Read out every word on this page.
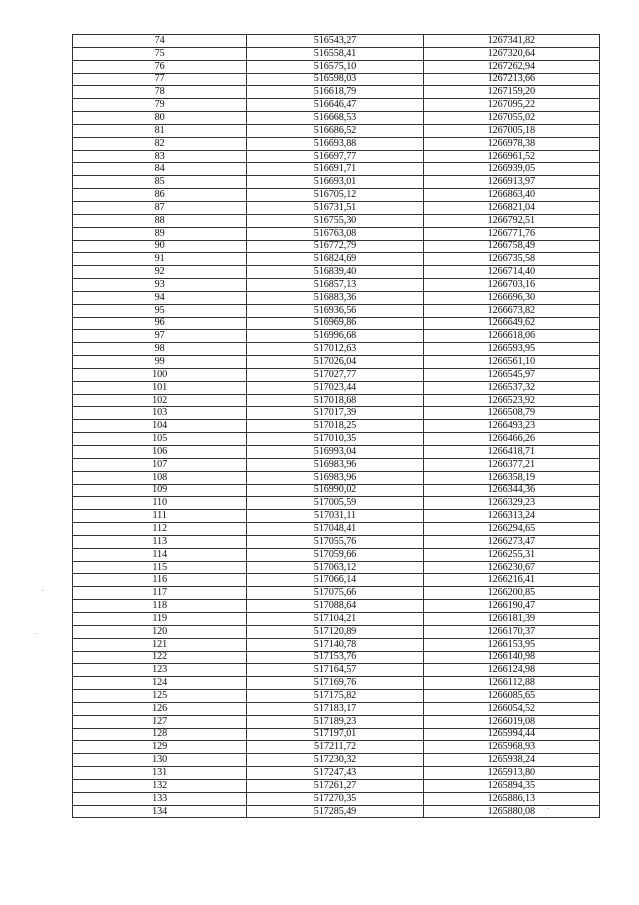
74	516543,27	1267341,82
75	516558,41	1267320,64
76	516575,10	1267262,94
77	516598,03	1267213,66
78	516618,79	1267159,20
79	516646,47	1267095,22
80	516668,53	1267055,02
81	516686,52	1267005,18
82	516693,88	1266978,38
83	516697,77	1266961,52
84	516691,71	1266939,05
85	516693,01	1266913,97
86	516705,12	1266863,40
87	516731,51	1266821,04
88	516755,30	1266792,51
89	516763,08	1266771,76
90	516772,79	1266758,49
91	516824,69	1266735,58
92	516839,40	1266714,40
93	516857,13	1266703,16
94	516883,36	1266696,30
95	516936,56	1266673,82
96	516969,86	1266649,62
97	516996,68	1266618,06
98	517012,63	1266593,95
99	517026,04	1266561,10
100	517027,77	1266545,97
101	517023,44	1266537,32
102	517018,68	1266523,92
103	517017,39	1266508,79
104	517018,25	1266493,23
105	517010,35	1266466,26
106	516993,04	1266418,71
107	516983,96	1266377,21
108	516983,96	1266358,19
109	516990,02	1266344,36
110	517005,59	1266329,23
111	517031,11	1266313,24
112	517048,41	1266294,65
113	517055,76	1266273,47
114	517059,66	1266255,31
115	517063,12	1266230,67
116	517066,14	1266216,41
117	517075,66	1266200,85
118	517088,64	1266190,47
119	517104,21	1266181,39
120	517120,89	1266170,37
121	517140,78	1266153,95
122	517153,76	1266140,98
123	517164,57	1266124,98
124	517169,76	1266112,88
125	517175,82	1266085,65
126	517183,17	1266054,52
127	517189,23	1266019,08
128	517197,01	1265994,44
129	517211,72	1265968,93
130	517230,32	1265938,24
131	517247,43	1265913,80
132	517261,27	1265894,35
133	517270,35	1265886,13
134	517285,49	1265880,08
